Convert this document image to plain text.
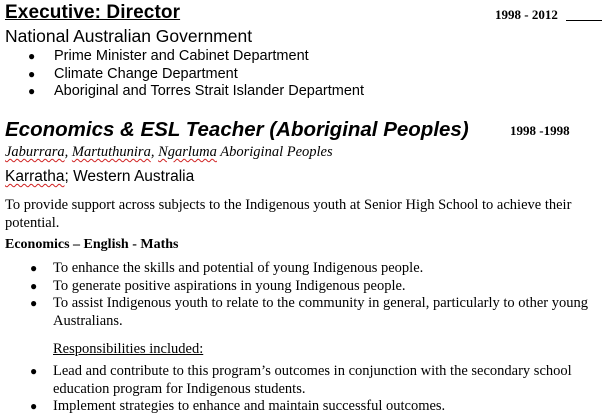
Executive: Director	1998 - 2012
National Australian Government
● Prime Minister and Cabinet Department
● Climate Change Department
● Aboriginal and Torres Strait Islander Department
Economics & ESL Teacher (Aboriginal Peoples)	1998 -1998
Jaburrara, Martuthunira, Ngarluma Aboriginal Peoples
Karratha; Western Australia
To provide support across subjects to the Indigenous youth at Senior High School to achieve their potential.
Economics – English - Maths
● To enhance the skills and potential of young Indigenous people.
● To generate positive aspirations in young Indigenous people.
● To assist Indigenous youth to relate to the community in general, particularly to other young Australians.
Responsibilities included:
● Lead and contribute to this program’s outcomes in conjunction with the secondary school education program for Indigenous students.
● Implement strategies to enhance and maintain successful outcomes.
